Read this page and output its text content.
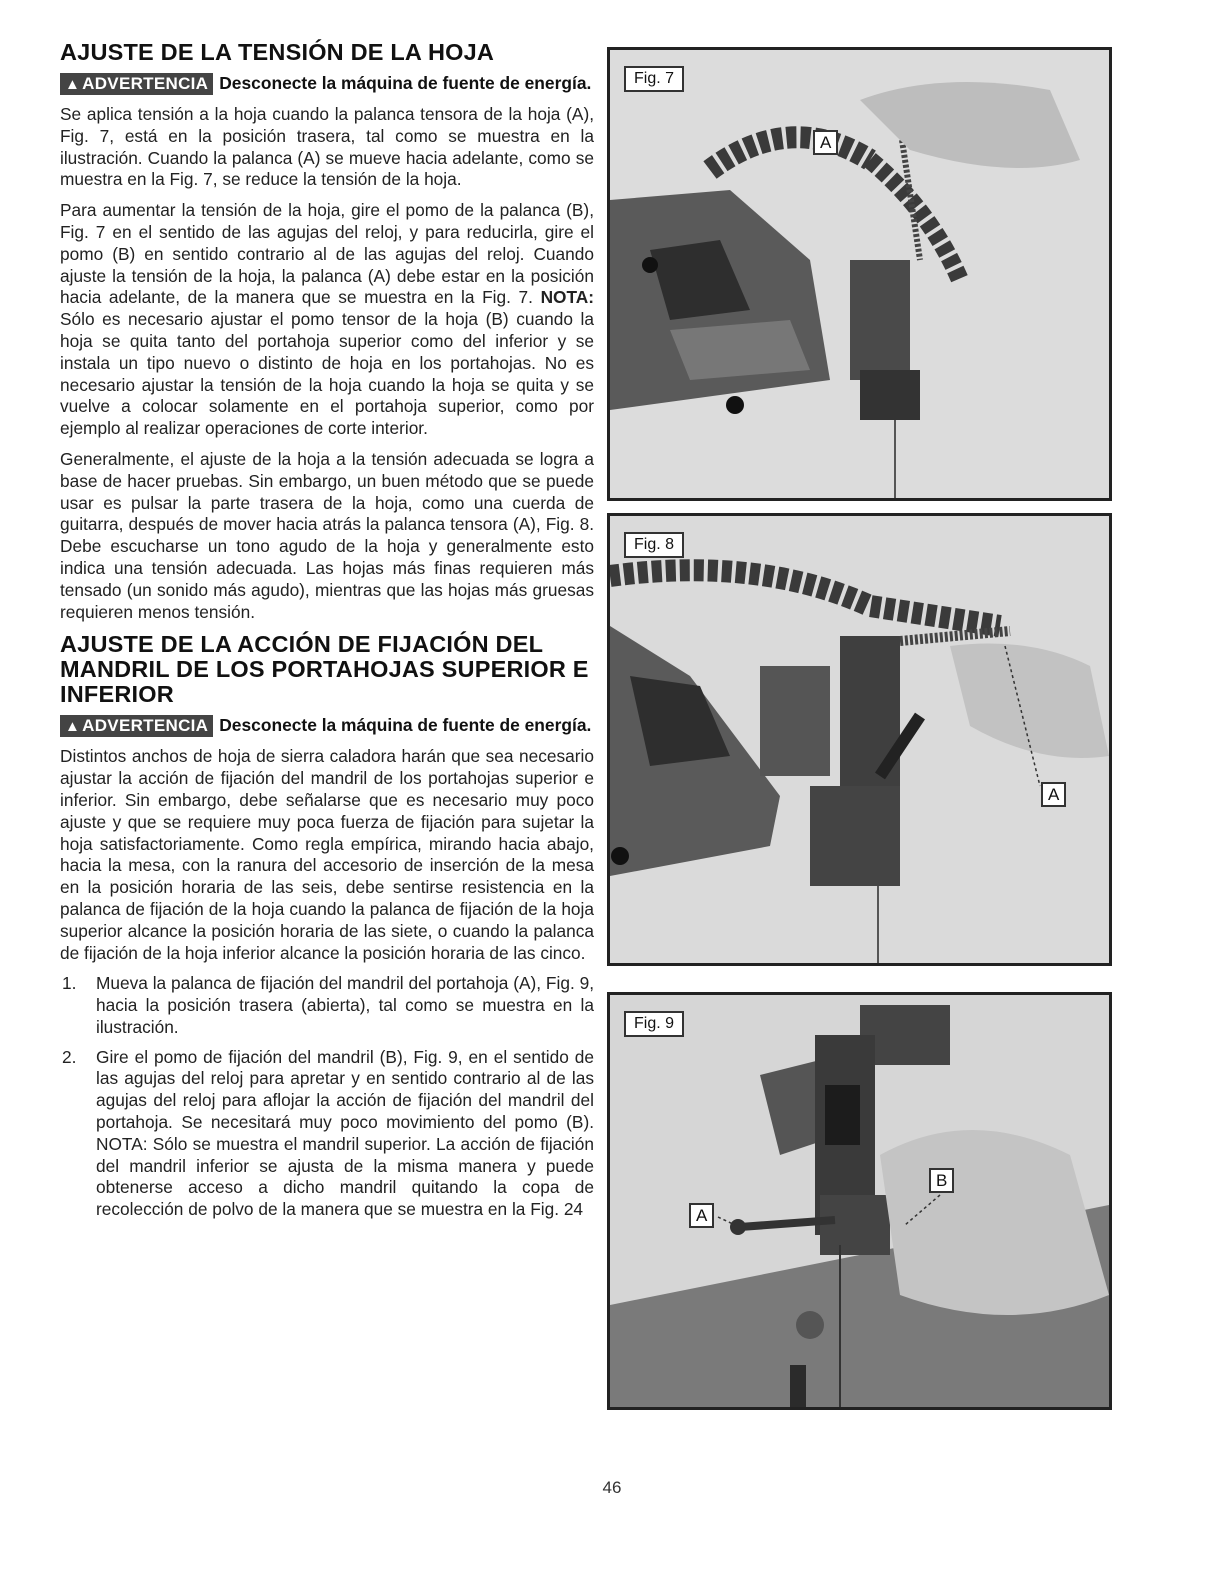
AJUSTE DE LA TENSIÓN DE LA HOJA
▲ ADVERTENCIA Desconecte la máquina de fuente de energía.

Se aplica tensión a la hoja cuando la palanca tensora de la hoja (A), Fig. 7, está en la posición trasera, tal como se muestra en la ilustración. Cuando la palanca (A) se mueve hacia adelante, como se muestra en la Fig. 7, se reduce la tensión de la hoja.

Para aumentar la tensión de la hoja, gire el pomo de la palanca (B), Fig. 7 en el sentido de las agujas del reloj, y para reducirla, gire el pomo (B) en sentido contrario al de las agujas del reloj. Cuando ajuste la tensión de la hoja, la palanca (A) debe estar en la posición hacia adelante, de la manera que se muestra en la Fig. 7. NOTA: Sólo es necesario ajustar el pomo tensor de la hoja (B) cuando la hoja se quita tanto del portahoja superior como del inferior y se instala un tipo nuevo o distinto de hoja en los portahojas. No es necesario ajustar la tensión de la hoja cuando la hoja se quita y se vuelve a colocar solamente en el portahoja superior, como por ejemplo al realizar operaciones de corte interior.

Generalmente, el ajuste de la hoja a la tensión adecuada se logra a base de hacer pruebas. Sin embargo, un buen método que se puede usar es pulsar la parte trasera de la hoja, como una cuerda de guitarra, después de mover hacia atrás la palanca tensora (A), Fig. 8. Debe escucharse un tono agudo de la hoja y generalmente esto indica una tensión adecuada. Las hojas más finas requieren más tensado (un sonido más agudo), mientras que las hojas más gruesas requieren menos tensión.

AJUSTE DE LA ACCIÓN DE FIJACIÓN DEL MANDRIL DE LOS PORTAHOJAS SUPERIOR E INFERIOR
▲ ADVERTENCIA Desconecte la máquina de fuente de energía.

Distintos anchos de hoja de sierra caladora harán que sea necesario ajustar la acción de fijación del mandril de los portahojas superior e inferior. Sin embargo, debe señalarse que es necesario muy poco ajuste y que se requiere muy poca fuerza de fijación para sujetar la hoja satisfactoriamente. Como regla empírica, mirando hacia abajo, hacia la mesa, con la ranura del accesorio de inserción de la mesa en la posición horaria de las seis, debe sentirse resistencia en la palanca de fijación de la hoja cuando la palanca de fijación de la hoja superior alcance la posición horaria de las siete, o cuando la palanca de fijación de la hoja inferior alcance la posición horaria de las cinco.

1. Mueva la palanca de fijación del mandril del portahoja (A), Fig. 9, hacia la posición trasera (abierta), tal como se muestra en la ilustración.
2. Gire el pomo de fijación del mandril (B), Fig. 9, en el sentido de las agujas del reloj para apretar y en sentido contrario al de las agujas del reloj para aflojar la acción de fijación del mandril del portahoja. Se necesitará muy poco movimiento del pomo (B). NOTA: Sólo se muestra el mandril superior. La acción de fijación del mandril inferior se ajusta de la misma manera y puede obtenerse acceso a dicho mandril quitando la copa de recolección de polvo de la manera que se muestra en la Fig. 24
Fig. 7
A
Fig. 8
A
Fig. 9
A
B
46
